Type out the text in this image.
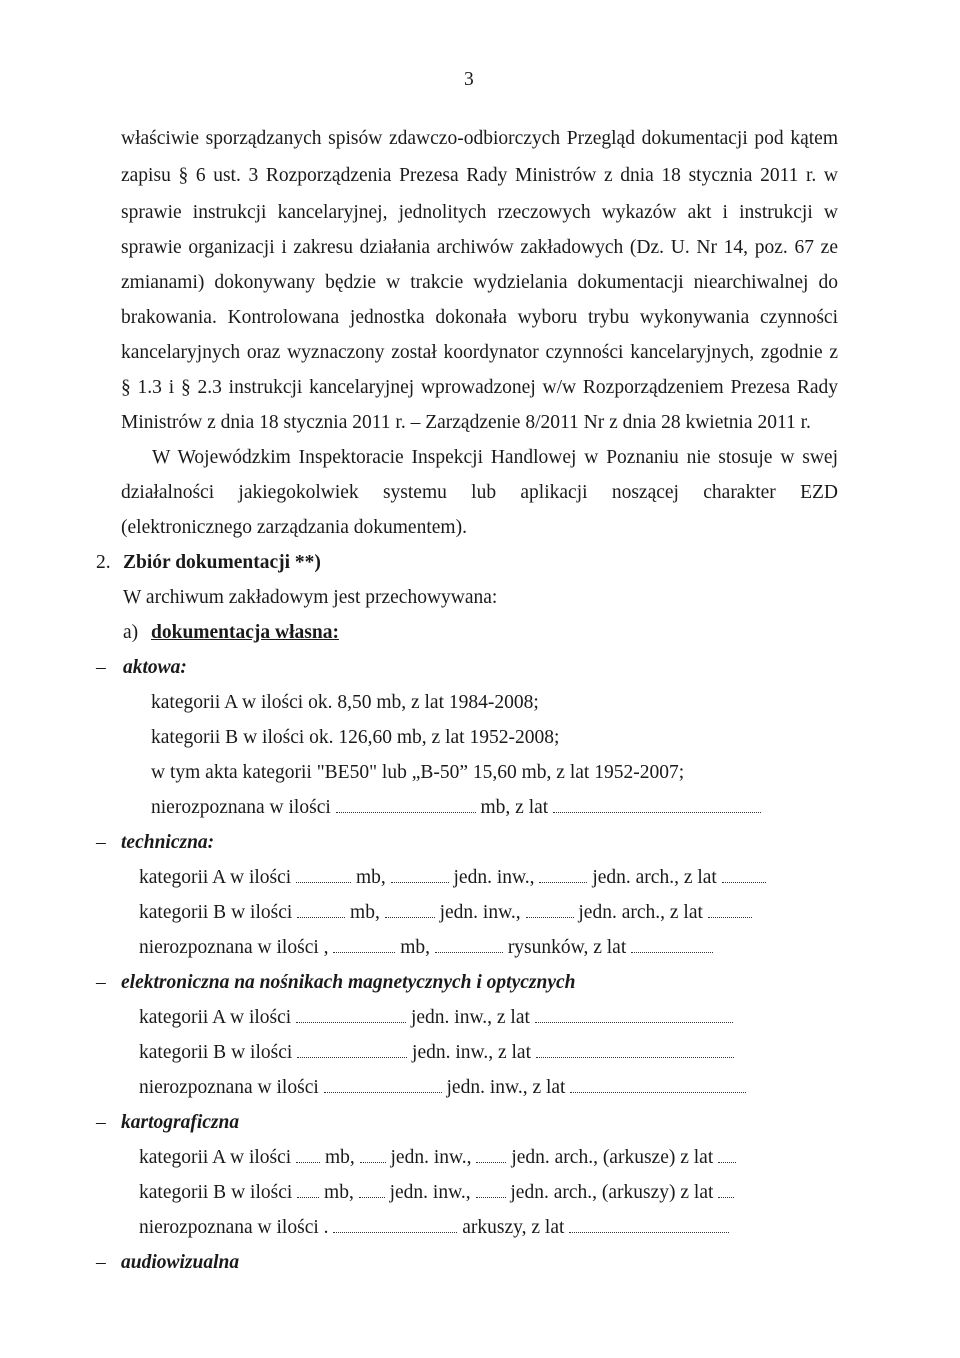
3
właściwie sporządzanych spisów zdawczo-odbiorczych Przegląd dokumentacji pod kątem
zapisu § 6 ust. 3 Rozporządzenia Prezesa Rady Ministrów z dnia 18 stycznia 2011 r. w
sprawie instrukcji kancelaryjnej, jednolitych rzeczowych wykazów akt i instrukcji w
sprawie organizacji i zakresu działania archiwów zakładowych (Dz. U. Nr 14, poz. 67 ze
zmianami) dokonywany będzie w trakcie wydzielania dokumentacji niearchiwalnej do
brakowania. Kontrolowana jednostka dokonała wyboru trybu wykonywania czynności
kancelaryjnych oraz wyznaczony został koordynator czynności kancelaryjnych, zgodnie z
§ 1.3 i § 2.3 instrukcji kancelaryjnej wprowadzonej w/w Rozporządzeniem Prezesa Rady
Ministrów z dnia 18 stycznia 2011 r. – Zarządzenie 8/2011 Nr z dnia 28 kwietnia 2011 r.
W Wojewódzkim Inspektoracie Inspekcji Handlowej w Poznaniu nie stosuje w swej
działalności jakiegokolwiek systemu lub aplikacji noszącej charakter EZD
(elektronicznego zarządzania dokumentem).
2. Zbiór dokumentacji **)
W archiwum zakładowym jest przechowywana:
a) dokumentacja własna:
– aktowa:
kategorii A w ilości ok. 8,50 mb, z lat 1984-2008;
kategorii B w ilości ok. 126,60 mb, z lat 1952-2008;
w tym akta kategorii "BE50" lub „B-50” 15,60 mb, z lat 1952-2007;
nierozpoznana w ilości	mb, z lat
– techniczna:
kategorii A w ilości	mb,	jedn. inw.,	jedn. arch., z lat
kategorii B w ilości	mb,	jedn. inw.,	jedn. arch., z lat
nierozpoznana w ilości ,	mb,	rysunków, z lat
– elektroniczna na nośnikach magnetycznych i optycznych
kategorii A w ilości	jedn. inw., z lat
kategorii B w ilości	jedn. inw., z lat
nierozpoznana w ilości	jedn. inw., z lat
– kartograficzna
kategorii A w ilości mb, jedn. inw., jedn. arch., (arkusze) z lat
kategorii B w ilości mb, jedn. inw., jedn. arch., (arkuszy) z lat
nierozpoznana w ilości .	arkuszy, z lat
– audiowizualna
